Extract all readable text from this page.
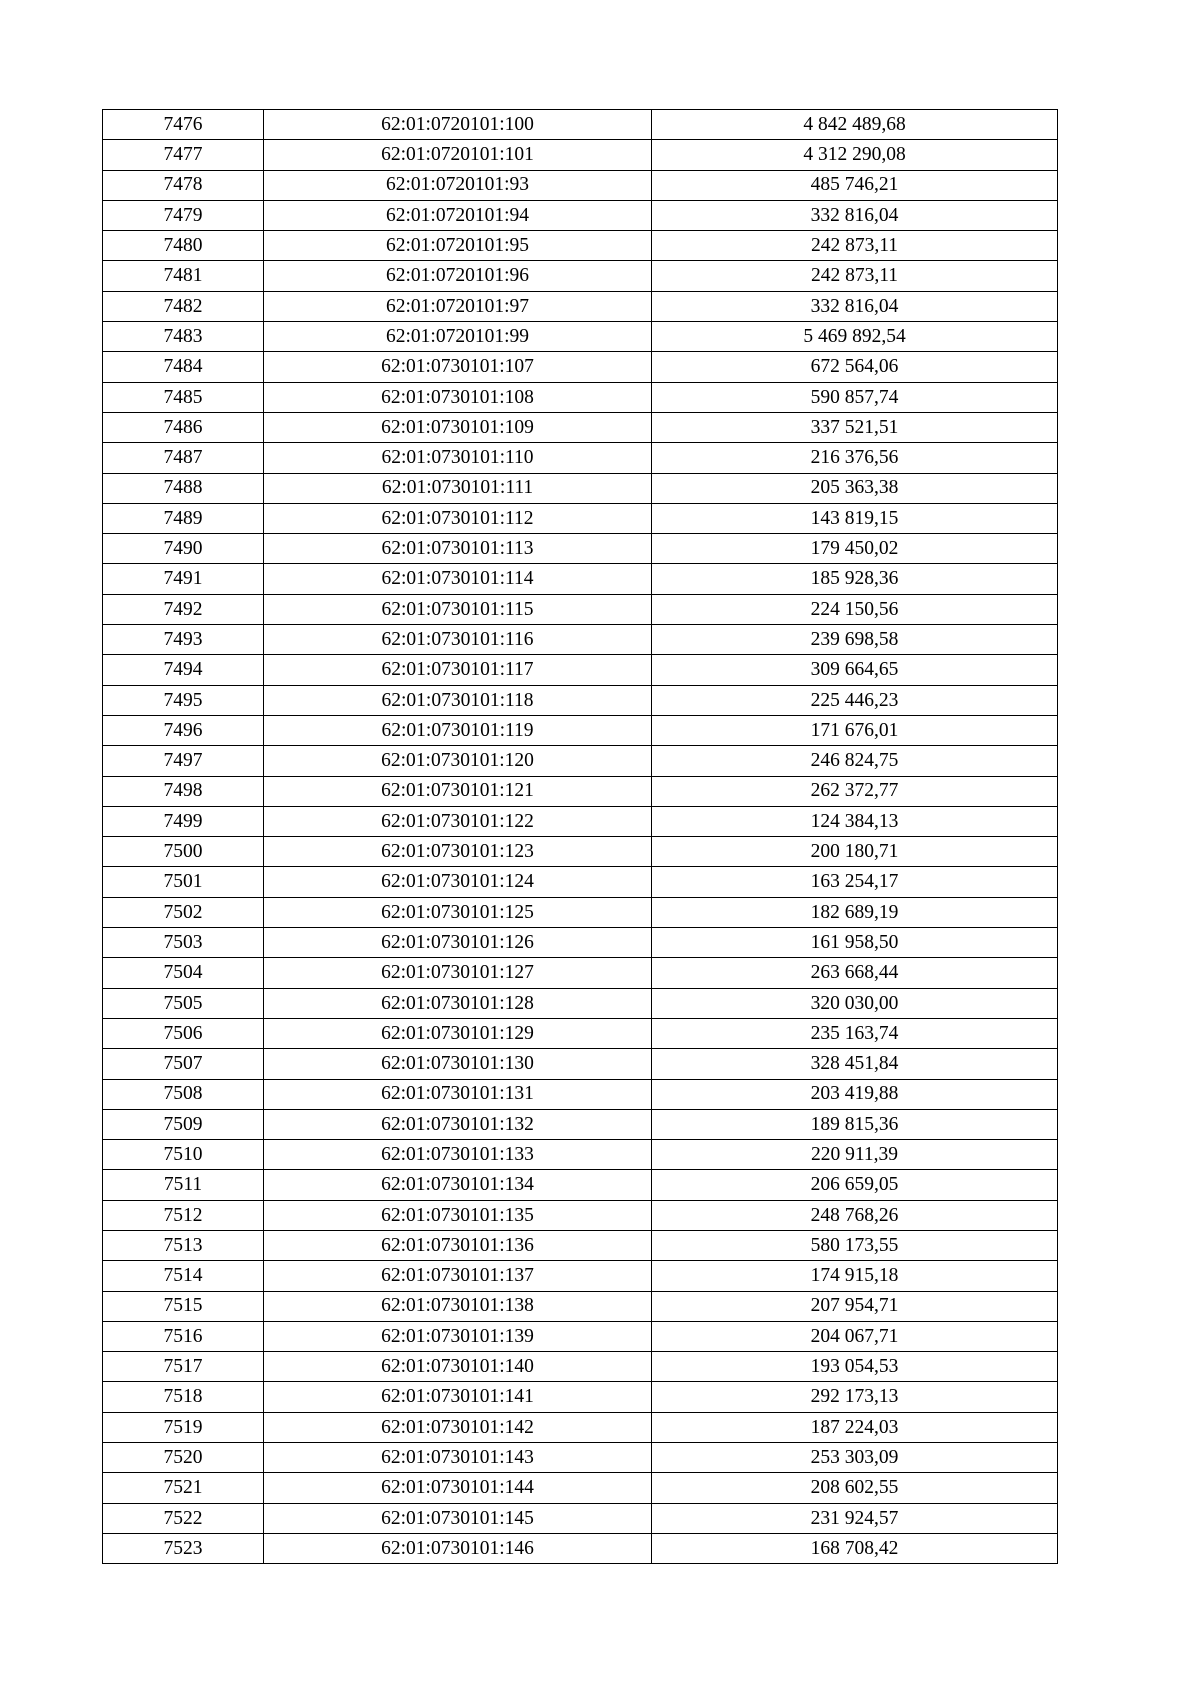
7476	62:01:0720101:100	4 842 489,68
7477	62:01:0720101:101	4 312 290,08
7478	62:01:0720101:93	485 746,21
7479	62:01:0720101:94	332 816,04
7480	62:01:0720101:95	242 873,11
7481	62:01:0720101:96	242 873,11
7482	62:01:0720101:97	332 816,04
7483	62:01:0720101:99	5 469 892,54
7484	62:01:0730101:107	672 564,06
7485	62:01:0730101:108	590 857,74
7486	62:01:0730101:109	337 521,51
7487	62:01:0730101:110	216 376,56
7488	62:01:0730101:111	205 363,38
7489	62:01:0730101:112	143 819,15
7490	62:01:0730101:113	179 450,02
7491	62:01:0730101:114	185 928,36
7492	62:01:0730101:115	224 150,56
7493	62:01:0730101:116	239 698,58
7494	62:01:0730101:117	309 664,65
7495	62:01:0730101:118	225 446,23
7496	62:01:0730101:119	171 676,01
7497	62:01:0730101:120	246 824,75
7498	62:01:0730101:121	262 372,77
7499	62:01:0730101:122	124 384,13
7500	62:01:0730101:123	200 180,71
7501	62:01:0730101:124	163 254,17
7502	62:01:0730101:125	182 689,19
7503	62:01:0730101:126	161 958,50
7504	62:01:0730101:127	263 668,44
7505	62:01:0730101:128	320 030,00
7506	62:01:0730101:129	235 163,74
7507	62:01:0730101:130	328 451,84
7508	62:01:0730101:131	203 419,88
7509	62:01:0730101:132	189 815,36
7510	62:01:0730101:133	220 911,39
7511	62:01:0730101:134	206 659,05
7512	62:01:0730101:135	248 768,26
7513	62:01:0730101:136	580 173,55
7514	62:01:0730101:137	174 915,18
7515	62:01:0730101:138	207 954,71
7516	62:01:0730101:139	204 067,71
7517	62:01:0730101:140	193 054,53
7518	62:01:0730101:141	292 173,13
7519	62:01:0730101:142	187 224,03
7520	62:01:0730101:143	253 303,09
7521	62:01:0730101:144	208 602,55
7522	62:01:0730101:145	231 924,57
7523	62:01:0730101:146	168 708,42
